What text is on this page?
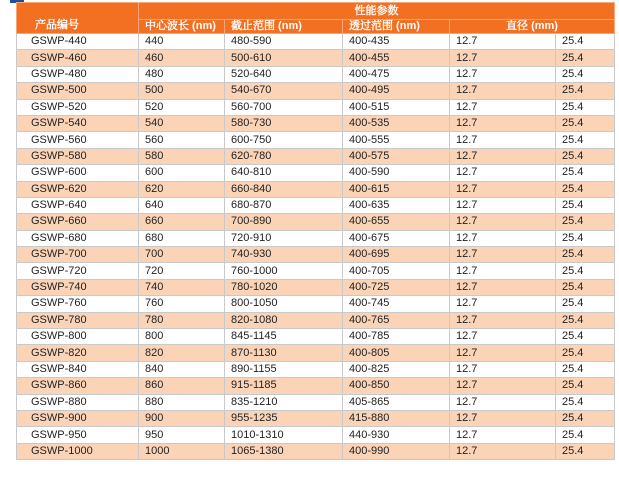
产品编号	性能参数				
	中心波长 (nm)	截止范围 (nm)	透过范围 (nm)	直径 (mm)	
GSWP-440	440	480-590	400-435	12.7	25.4
GSWP-460	460	500-610	400-455	12.7	25.4
GSWP-480	480	520-640	400-475	12.7	25.4
GSWP-500	500	540-670	400-495	12.7	25.4
GSWP-520	520	560-700	400-515	12.7	25.4
GSWP-540	540	580-730	400-535	12.7	25.4
GSWP-560	560	600-750	400-555	12.7	25.4
GSWP-580	580	620-780	400-575	12.7	25.4
GSWP-600	600	640-810	400-590	12.7	25.4
GSWP-620	620	660-840	400-615	12.7	25.4
GSWP-640	640	680-870	400-635	12.7	25.4
GSWP-660	660	700-890	400-655	12.7	25.4
GSWP-680	680	720-910	400-675	12.7	25.4
GSWP-700	700	740-930	400-695	12.7	25.4
GSWP-720	720	760-1000	400-705	12.7	25.4
GSWP-740	740	780-1020	400-725	12.7	25.4
GSWP-760	760	800-1050	400-745	12.7	25.4
GSWP-780	780	820-1080	400-765	12.7	25.4
GSWP-800	800	845-1145	400-785	12.7	25.4
GSWP-820	820	870-1130	400-805	12.7	25.4
GSWP-840	840	890-1155	400-825	12.7	25.4
GSWP-860	860	915-1185	400-850	12.7	25.4
GSWP-880	880	835-1210	405-865	12.7	25.4
GSWP-900	900	955-1235	415-880	12.7	25.4
GSWP-950	950	1010-1310	440-930	12.7	25.4
GSWP-1000	1000	1065-1380	400-990	12.7	25.4
